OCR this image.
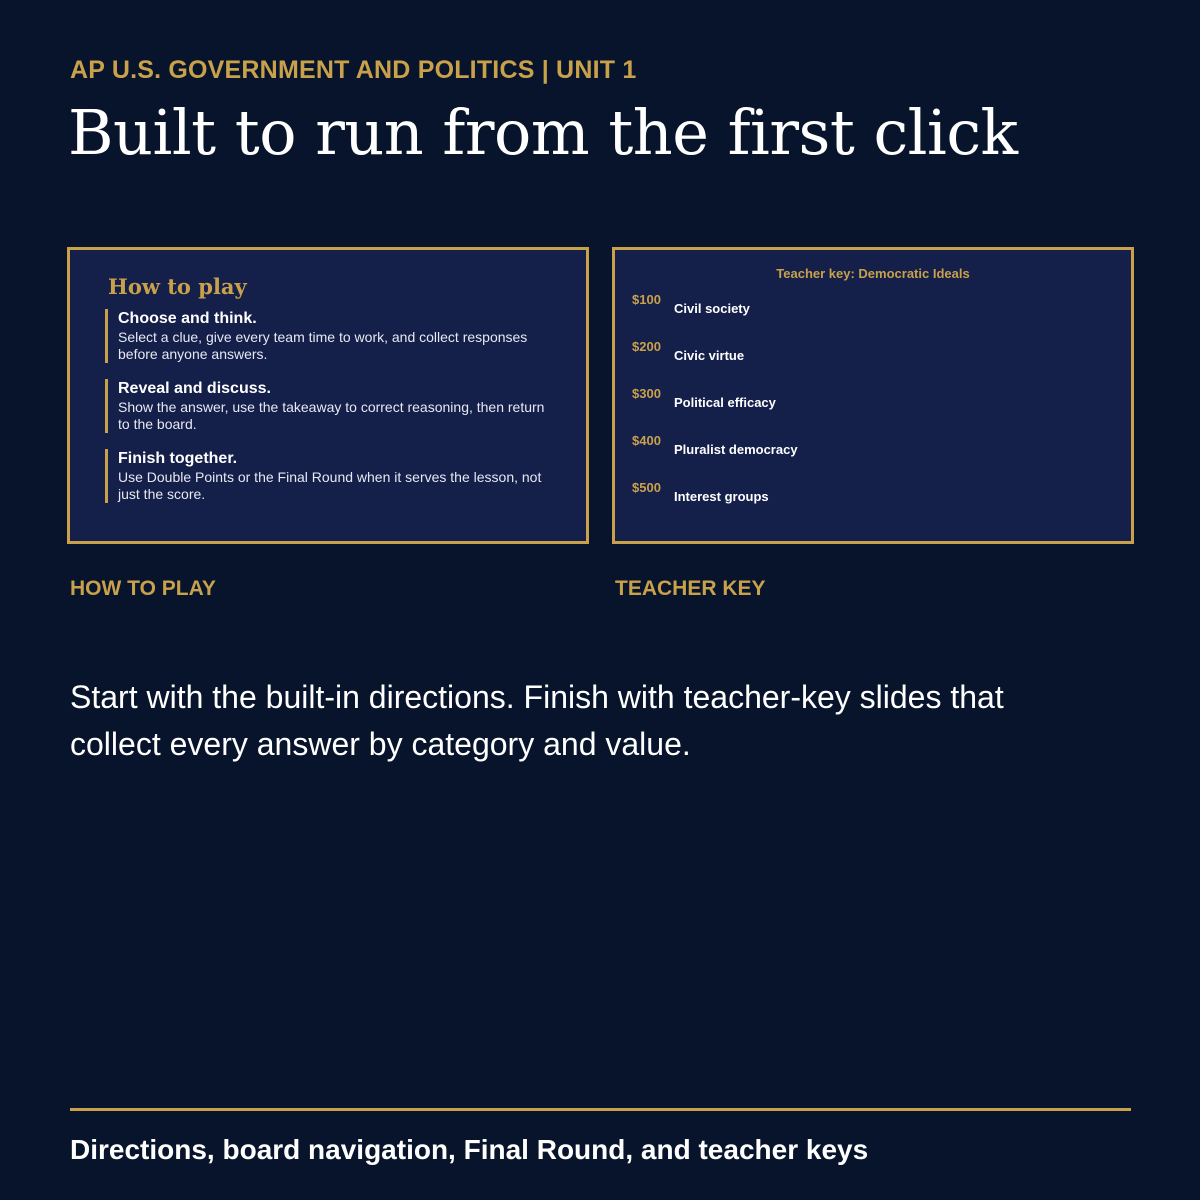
AP U.S. GOVERNMENT AND POLITICS | UNIT 1
Built to run from the first click
How to play
Choose and think.
Select a clue, give every team time to work, and collect responses before anyone answers.
Reveal and discuss.
Show the answer, use the takeaway to correct reasoning, then return to the board.
Finish together.
Use Double Points or the Final Round when it serves the lesson, not just the score.
Teacher key: Democratic Ideals
$100
Civil society
$200
Civic virtue
$300
Political efficacy
$400
Pluralist democracy
$500
Interest groups
HOW TO PLAY	TEACHER KEY

Start with the built-in directions. Finish with teacher-key slides that collect every answer by category and value.

Directions, board navigation, Final Round, and teacher keys
